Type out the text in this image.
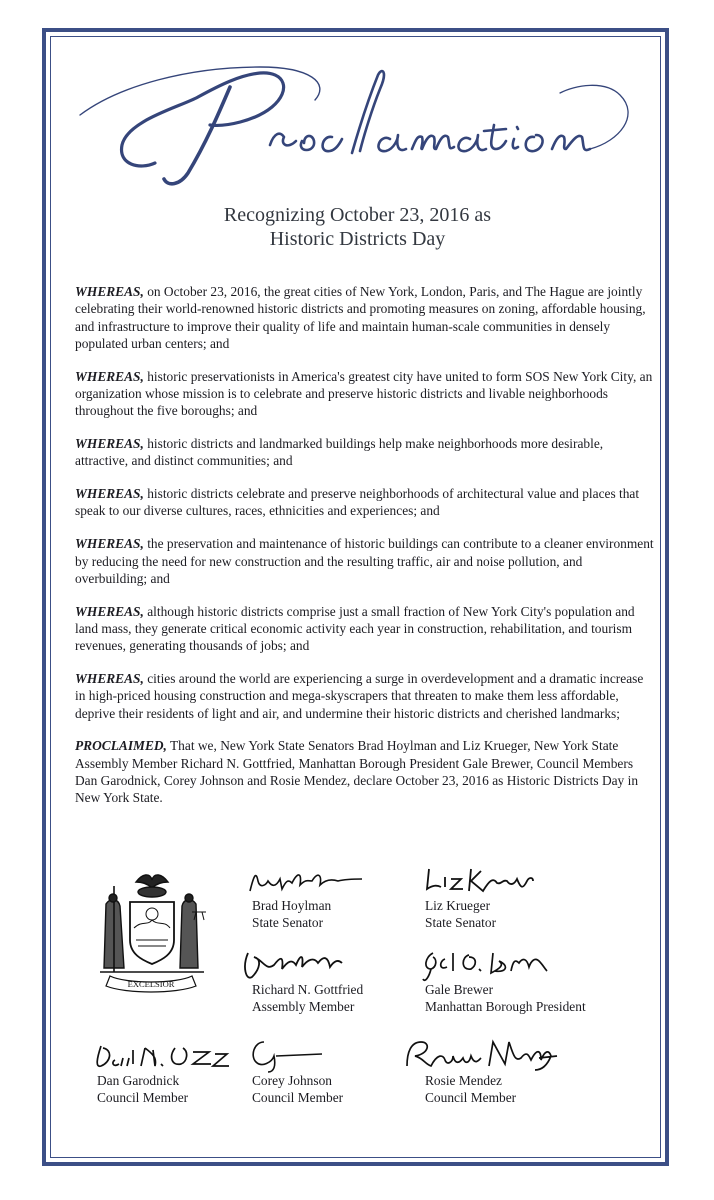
Recognizing October 23, 2016 as
Historic Districts Day

WHEREAS, on October 23, 2016, the great cities of New York, London, Paris, and The Hague are jointly celebrating their world-renowned historic districts and promoting measures on zoning, affordable housing, and infrastructure to improve their quality of life and maintain human-scale communities in densely populated urban centers; and

WHEREAS, historic preservationists in America's greatest city have united to form SOS New York City, an organization whose mission is to celebrate and preserve historic districts and livable neighborhoods throughout the five boroughs; and

WHEREAS, historic districts and landmarked buildings help make neighborhoods more desirable, attractive, and distinct communities; and

WHEREAS, historic districts celebrate and preserve neighborhoods of architectural value and places that speak to our diverse cultures, races, ethnicities and experiences; and

WHEREAS, the preservation and maintenance of historic buildings can contribute to a cleaner environment by reducing the need for new construction and the resulting traffic, air and noise pollution, and overbuilding; and

WHEREAS, although historic districts comprise just a small fraction of New York City's population and land mass, they generate critical economic activity each year in construction, rehabilitation, and tourism revenues, generating thousands of jobs; and

WHEREAS, cities around the world are experiencing a surge in overdevelopment and a dramatic increase in high-priced housing construction and mega-skyscrapers that threaten to make them less affordable, deprive their residents of light and air, and undermine their historic districts and cherished landmarks;

PROCLAIMED, That we, New York State Senators Brad Hoylman and Liz Krueger, New York State Assembly Member Richard N. Gottfried, Manhattan Borough President Gale Brewer, Council Members Dan Garodnick, Corey Johnson and Rosie Mendez, declare October 23, 2016 as Historic Districts Day in New York State.

EXCELSIOR
Brad Hoylman
State Senator
Liz Krueger
State Senator
Richard N. Gottfried
Assembly Member
Gale Brewer
Manhattan Borough President
Dan Garodnick
Council Member
Corey Johnson
Council Member
Rosie Mendez
Council Member
